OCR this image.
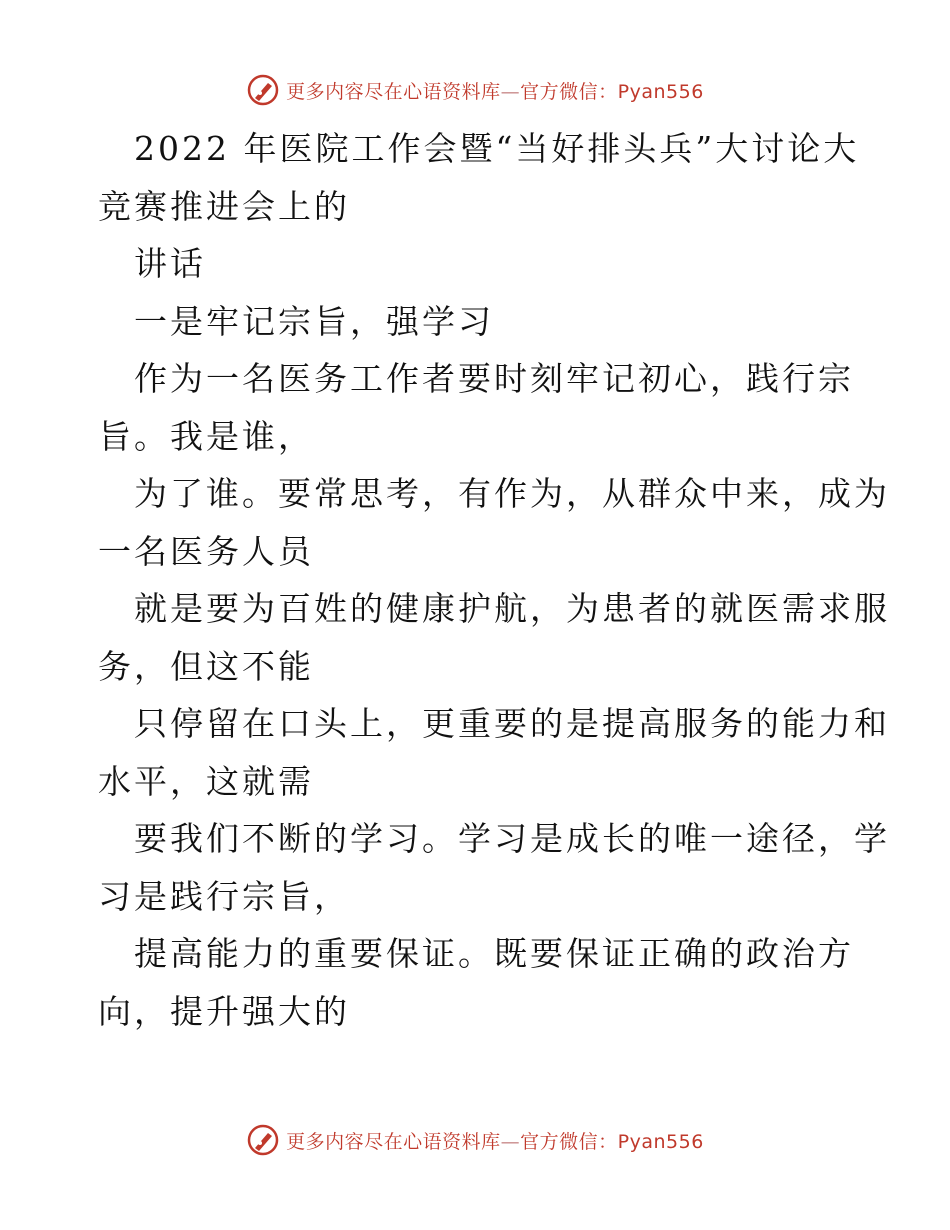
更多内容尽在心语资料库—官方微信：Pyan556
2022 年医院工作会暨“当好排头兵”大讨论大
竞赛推进会上的
讲话
一是牢记宗旨，强学习
作为一名医务工作者要时刻牢记初心，践行宗
旨。我是谁，
为了谁。要常思考，有作为，从群众中来，成为
一名医务人员
就是要为百姓的健康护航，为患者的就医需求服
务，但这不能
只停留在口头上，更重要的是提高服务的能力和
水平，这就需
要我们不断的学习。学习是成长的唯一途径，学
习是践行宗旨，
提高能力的重要保证。既要保证正确的政治方
向，提升强大的
更多内容尽在心语资料库—官方微信：Pyan556
